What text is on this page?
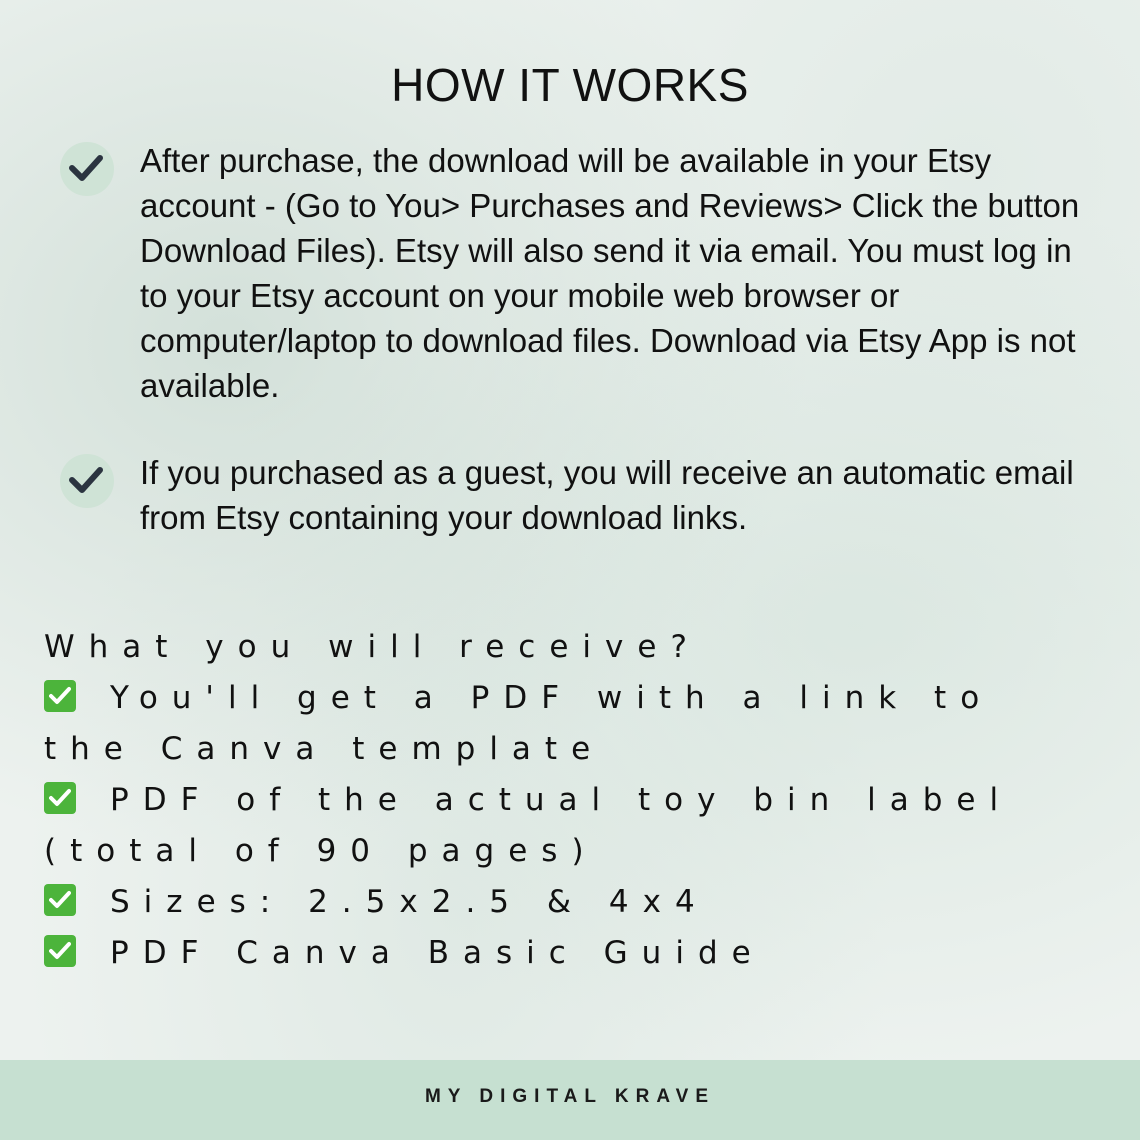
HOW IT WORKS
After purchase, the download will be available in your Etsy account - (Go to You> Purchases and Reviews> Click the button Download Files). Etsy will also send it via email. You must log in to your Etsy account on your mobile web browser or computer/laptop to download files. Download via Etsy App is not available.
If you purchased as a guest, you will receive an automatic email from Etsy containing your download links.

What you will receive?

You'll get a PDF with a link to the Canva template

PDF of the actual toy bin label (total of 90 pages)

Sizes: 2.5x2.5 & 4x4

PDF Canva Basic Guide

MY DIGITAL KRAVE
